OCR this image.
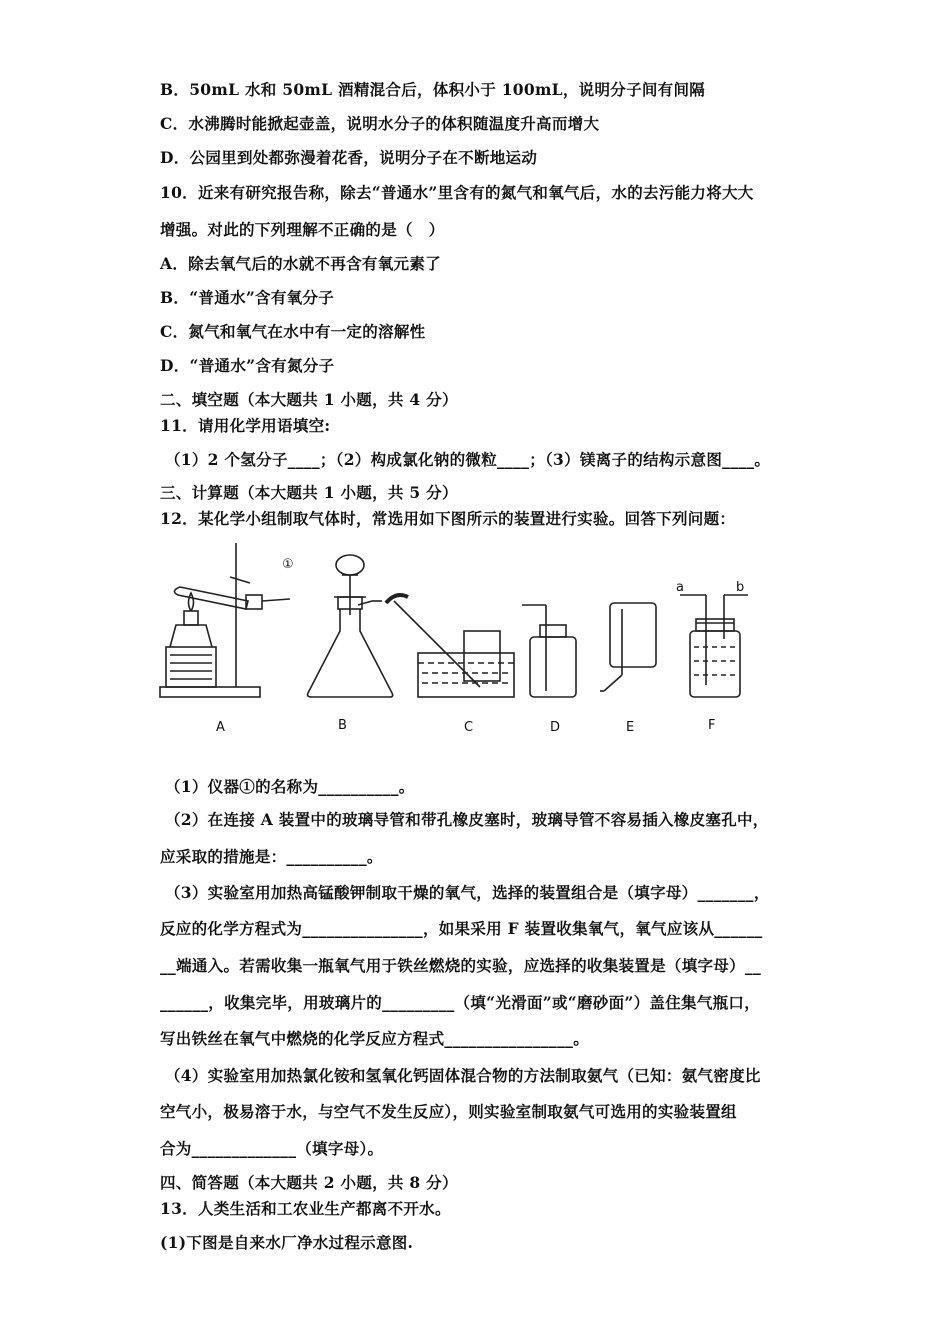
B．50mL 水和 50mL 酒精混合后，体积小于 100mL，说明分子间有间隔
C．水沸腾时能掀起壶盖，说明水分子的体积随温度升高而增大
D．公园里到处都弥漫着花香，说明分子在不断地运动
10．近来有研究报告称，除去“普通水”里含有的氮气和氧气后，水的去污能力将大大
增强。对此的下列理解不正确的是（　）
A．除去氧气后的水就不再含有氧元素了
B．“普通水”含有氧分子
C．氮气和氧气在水中有一定的溶解性
D．“普通水”含有氮分子
二、填空题（本大题共 1 小题，共 4 分）
11．请用化学用语填空:
（1）2 个氢分子____；（2）构成氯化钠的微粒____；（3）镁离子的结构示意图____。
三、计算题（本大题共 1 小题，共 5 分）
12．某化学小组制取气体时，常选用如下图所示的装置进行实验。回答下列问题：
①
A	B	C	D	E	F
a	b
（1）仪器①的名称为__________。
（2）在连接 A 装置中的玻璃导管和带孔橡皮塞时，玻璃导管不容易插入橡皮塞孔中，
应采取的措施是：__________。
（3）实验室用加热高锰酸钾制取干燥的氧气，选择的装置组合是（填字母）_______，
反应的化学方程式为_______________，如果采用 F 装置收集氧气，氧气应该从______
__端通入。若需收集一瓶氧气用于铁丝燃烧的实验，应选择的收集装置是（填字母）__
______，收集完毕，用玻璃片的_________（填“光滑面”或“磨砂面”）盖住集气瓶口，
写出铁丝在氧气中燃烧的化学反应方程式________________。
（4）实验室用加热氯化铵和氢氧化钙固体混合物的方法制取氨气（已知：氨气密度比
空气小，极易溶于水，与空气不发生反应），则实验室制取氨气可选用的实验装置组
合为_____________（填字母）。
四、简答题（本大题共 2 小题，共 8 分）
13．人类生活和工农业生产都离不开水。
(1)下图是自来水厂净水过程示意图.
